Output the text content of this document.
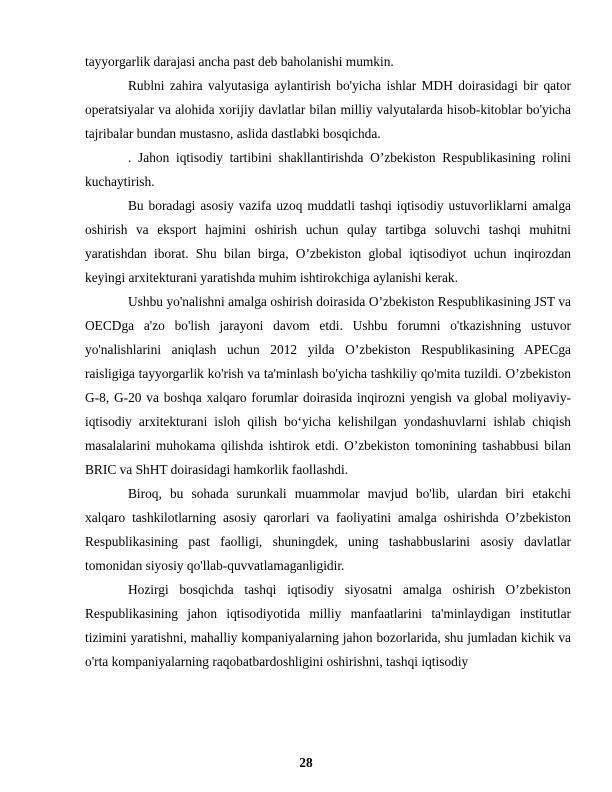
tayyorgarlik darajasi ancha past deb baholanishi mumkin.

Rublni zahira valyutasiga aylantirish bo'yicha ishlar MDH doirasidagi bir qator operatsiyalar va alohida xorijiy davlatlar bilan milliy valyutalarda hisob-kitoblar bo'yicha tajribalar bundan mustasno, aslida dastlabki bosqichda.

. Jahon iqtisodiy tartibini shakllantirishda O’zbekiston Respublikasining rolini kuchaytirish.

Bu boradagi asosiy vazifa uzoq muddatli tashqi iqtisodiy ustuvorliklarni amalga oshirish va eksport hajmini oshirish uchun qulay tartibga soluvchi tashqi muhitni yaratishdan iborat. Shu bilan birga, O’zbekiston global iqtisodiyot uchun inqirozdan keyingi arxitekturani yaratishda muhim ishtirokchiga aylanishi kerak.

Ushbu yo'nalishni amalga oshirish doirasida O’zbekiston Respublikasining JST va OECDga a'zo bo'lish jarayoni davom etdi. Ushbu forumni o'tkazishning ustuvor yo'nalishlarini aniqlash uchun 2012 yilda O’zbekiston Respublikasining APECga raisligiga tayyorgarlik ko'rish va ta'minlash bo'yicha tashkiliy qo'mita tuzildi. O’zbekiston G-8, G-20 va boshqa xalqaro forumlar doirasida inqirozni yengish va global moliyaviy-iqtisodiy arxitekturani isloh qilish bo‘yicha kelishilgan yondashuvlarni ishlab chiqish masalalarini muhokama qilishda ishtirok etdi. O’zbekiston tomonining tashabbusi bilan BRIC va ShHT doirasidagi hamkorlik faollashdi.

Biroq, bu sohada surunkali muammolar mavjud bo'lib, ulardan biri etakchi xalqaro tashkilotlarning asosiy qarorlari va faoliyatini amalga oshirishda O’zbekiston Respublikasining past faolligi, shuningdek, uning tashabbuslarini asosiy davlatlar tomonidan siyosiy qo'llab-quvvatlamaganligidir.

Hozirgi bosqichda tashqi iqtisodiy siyosatni amalga oshirish O’zbekiston Respublikasining jahon iqtisodiyotida milliy manfaatlarini ta'minlaydigan institutlar tizimini yaratishni, mahalliy kompaniyalarning jahon bozorlarida, shu jumladan kichik va o'rta kompaniyalarning raqobatbardoshligini oshirishni, tashqi iqtisodiy

28
